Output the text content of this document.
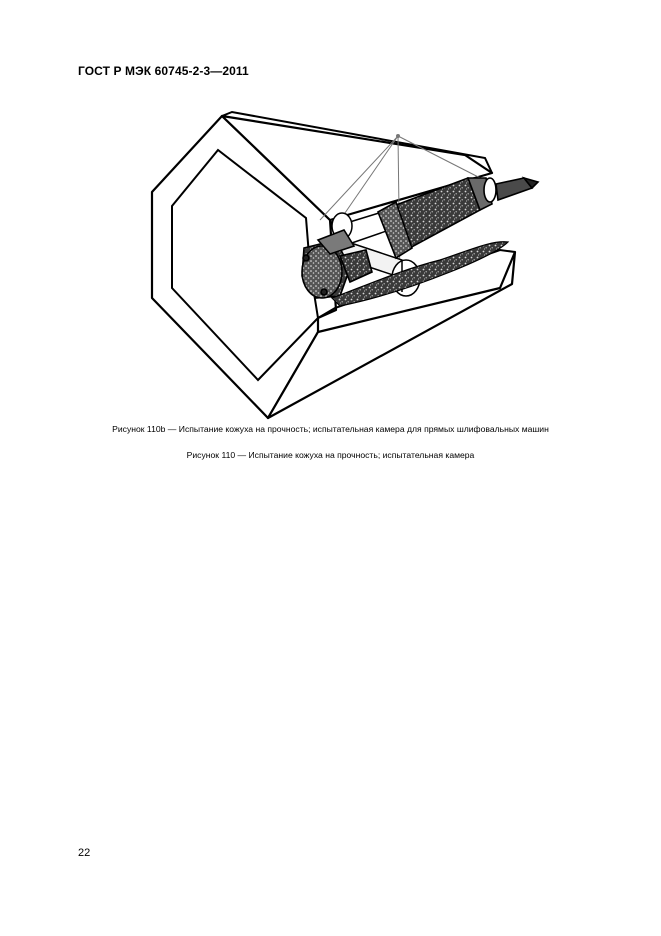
ГОСТ Р МЭК 60745-2-3—2011
Рисунок 110b — Испытание кожуха на прочность; испытательная камера для прямых шлифовальных машин
Рисунок 110 — Испытание кожуха на прочность; испытательная камера
22
